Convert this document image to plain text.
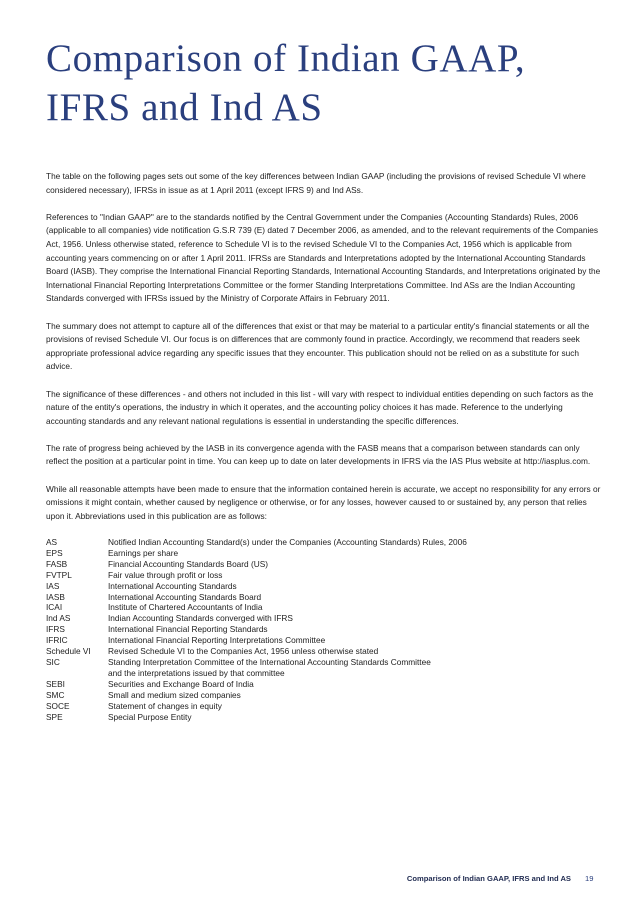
Comparison of Indian GAAP,
IFRS and Ind AS

The table on the following pages sets out some of the key differences between Indian GAAP (including the provisions of revised Schedule VI where considered necessary), IFRSs in issue as at 1 April 2011 (except IFRS 9) and Ind ASs.

References to "Indian GAAP" are to the standards notified by the Central Government under the Companies (Accounting Standards) Rules, 2006 (applicable to all companies) vide notification G.S.R 739 (E) dated 7 December 2006, as amended, and to the relevant requirements of the Companies Act, 1956. Unless otherwise stated, reference to Schedule VI is to the revised Schedule VI to the Companies Act, 1956 which is applicable from accounting years commencing on or after 1 April 2011. IFRSs are Standards and Interpretations adopted by the International Accounting Standards Board (IASB). They comprise the International Financial Reporting Standards, International Accounting Standards, and Interpretations originated by the International Financial Reporting Interpretations Committee or the former Standing Interpretations Committee. Ind ASs are the Indian Accounting Standards converged with IFRSs issued by the Ministry of Corporate Affairs in February 2011.

The summary does not attempt to capture all of the differences that exist or that may be material to a particular entity's financial statements or all the provisions of revised Schedule VI. Our focus is on differences that are commonly found in practice. Accordingly, we recommend that readers seek appropriate professional advice regarding any specific issues that they encounter. This publication should not be relied on as a substitute for such advice.

The significance of these differences - and others not included in this list - will vary with respect to individual entities depending on such factors as the nature of the entity's operations, the industry in which it operates, and the accounting policy choices it has made. Reference to the underlying accounting standards and any relevant national regulations is essential in understanding the specific differences.

The rate of progress being achieved by the IASB in its convergence agenda with the FASB means that a comparison between standards can only reflect the position at a particular point in time. You can keep up to date on later developments in IFRS via the IAS Plus website at http://iasplus.com.

While all reasonable attempts have been made to ensure that the information contained herein is accurate, we accept no responsibility for any errors or omissions it might contain, whether caused by negligence or otherwise, or for any losses, however caused to or sustained by, any person that relies upon it. Abbreviations used in this publication are as follows:

AS	Notified Indian Accounting Standard(s) under the Companies (Accounting Standards) Rules, 2006
EPS	Earnings per share
FASB	Financial Accounting Standards Board (US)
FVTPL	Fair value through profit or loss
IAS	International Accounting Standards
IASB	International Accounting Standards Board
ICAI	Institute of Chartered Accountants of India
Ind AS	Indian Accounting Standards converged with IFRS
IFRS	International Financial Reporting Standards
IFRIC	International Financial Reporting Interpretations Committee
Schedule VI	Revised Schedule VI to the Companies Act, 1956 unless otherwise stated
SIC	Standing Interpretation Committee of the International Accounting Standards Committee
	and the interpretations issued by that committee
SEBI	Securities and Exchange Board of India
SMC	Small and medium sized companies
SOCE	Statement of changes in equity
SPE	Special Purpose Entity
Comparison of Indian GAAP, IFRS and Ind AS 19
